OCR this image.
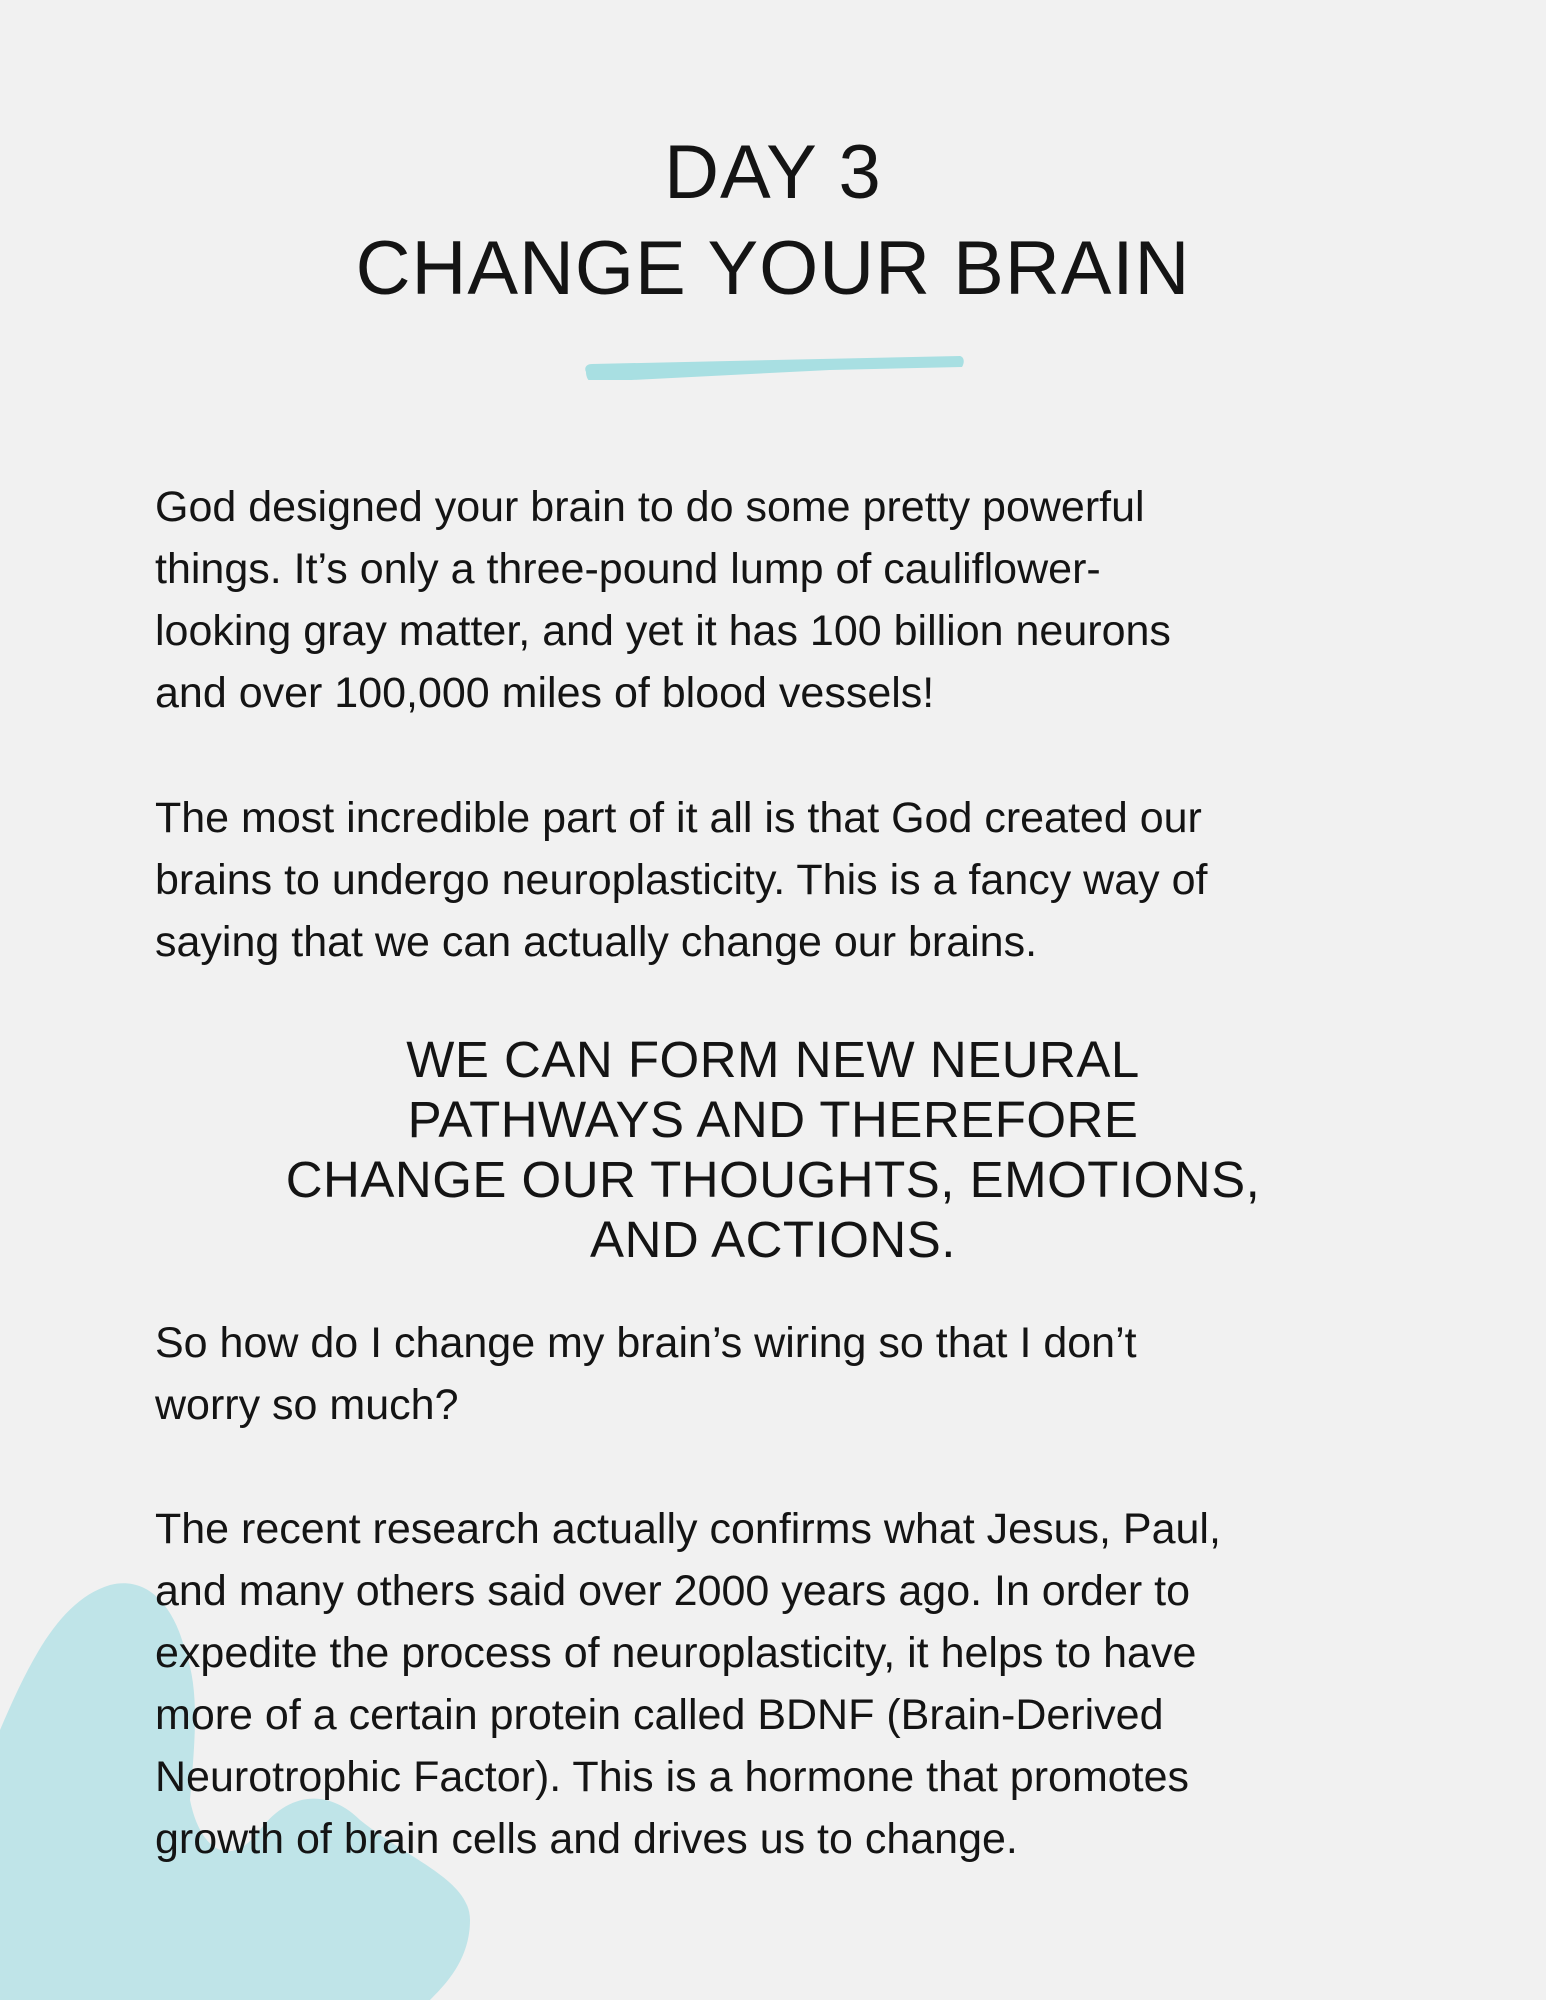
DAY 3
CHANGE YOUR BRAIN

God designed your brain to do some pretty powerful
things. It’s only a three-pound lump of cauliflower-
looking gray matter, and yet it has 100 billion neurons
and over 100,000 miles of blood vessels!

The most incredible part of it all is that God created our
brains to undergo neuroplasticity. This is a fancy way of
saying that we can actually change our brains.

WE CAN FORM NEW NEURAL
PATHWAYS AND THEREFORE
CHANGE OUR THOUGHTS, EMOTIONS,
AND ACTIONS.

So how do I change my brain’s wiring so that I don’t
worry so much?

The recent research actually confirms what Jesus, Paul,
and many others said over 2000 years ago. In order to
expedite the process of neuroplasticity, it helps to have
more of a certain protein called BDNF (Brain-Derived
Neurotrophic Factor). This is a hormone that promotes
growth of brain cells and drives us to change.
